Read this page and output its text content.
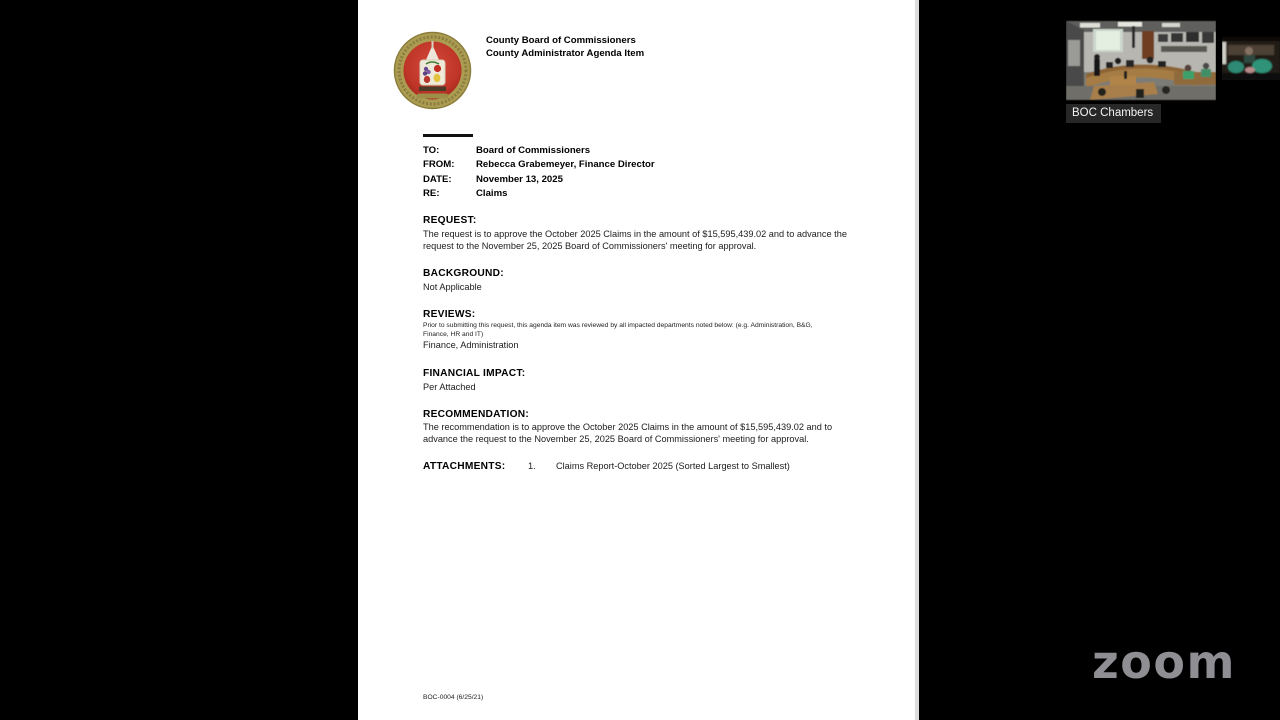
County Board of Commissioners
County Administrator Agenda Item
TO:	Board of Commissioners
FROM:	Rebecca Grabemeyer, Finance Director
DATE:	November 13, 2025
RE:	Claims
REQUEST:
The request is to approve the October 2025 Claims in the amount of $15,595,439.02 and to advance the request to the November 25, 2025 Board of Commissioners' meeting for approval.
BACKGROUND:
Not Applicable
REVIEWS:
Prior to submitting this request, this agenda item was reviewed by all impacted departments noted below: (e.g. Administration, B&G, Finance, HR and IT)
Finance, Administration
FINANCIAL IMPACT:
Per Attached
RECOMMENDATION:
The recommendation is to approve the October 2025 Claims in the amount of $15,595,439.02 and to advance the request to the November 25, 2025 Board of Commissioners' meeting for approval.
ATTACHMENTS: 1. Claims Report-October 2025 (Sorted Largest to Smallest)
BOC-0004 (6/25/21)
BOC Chambers
zoom
